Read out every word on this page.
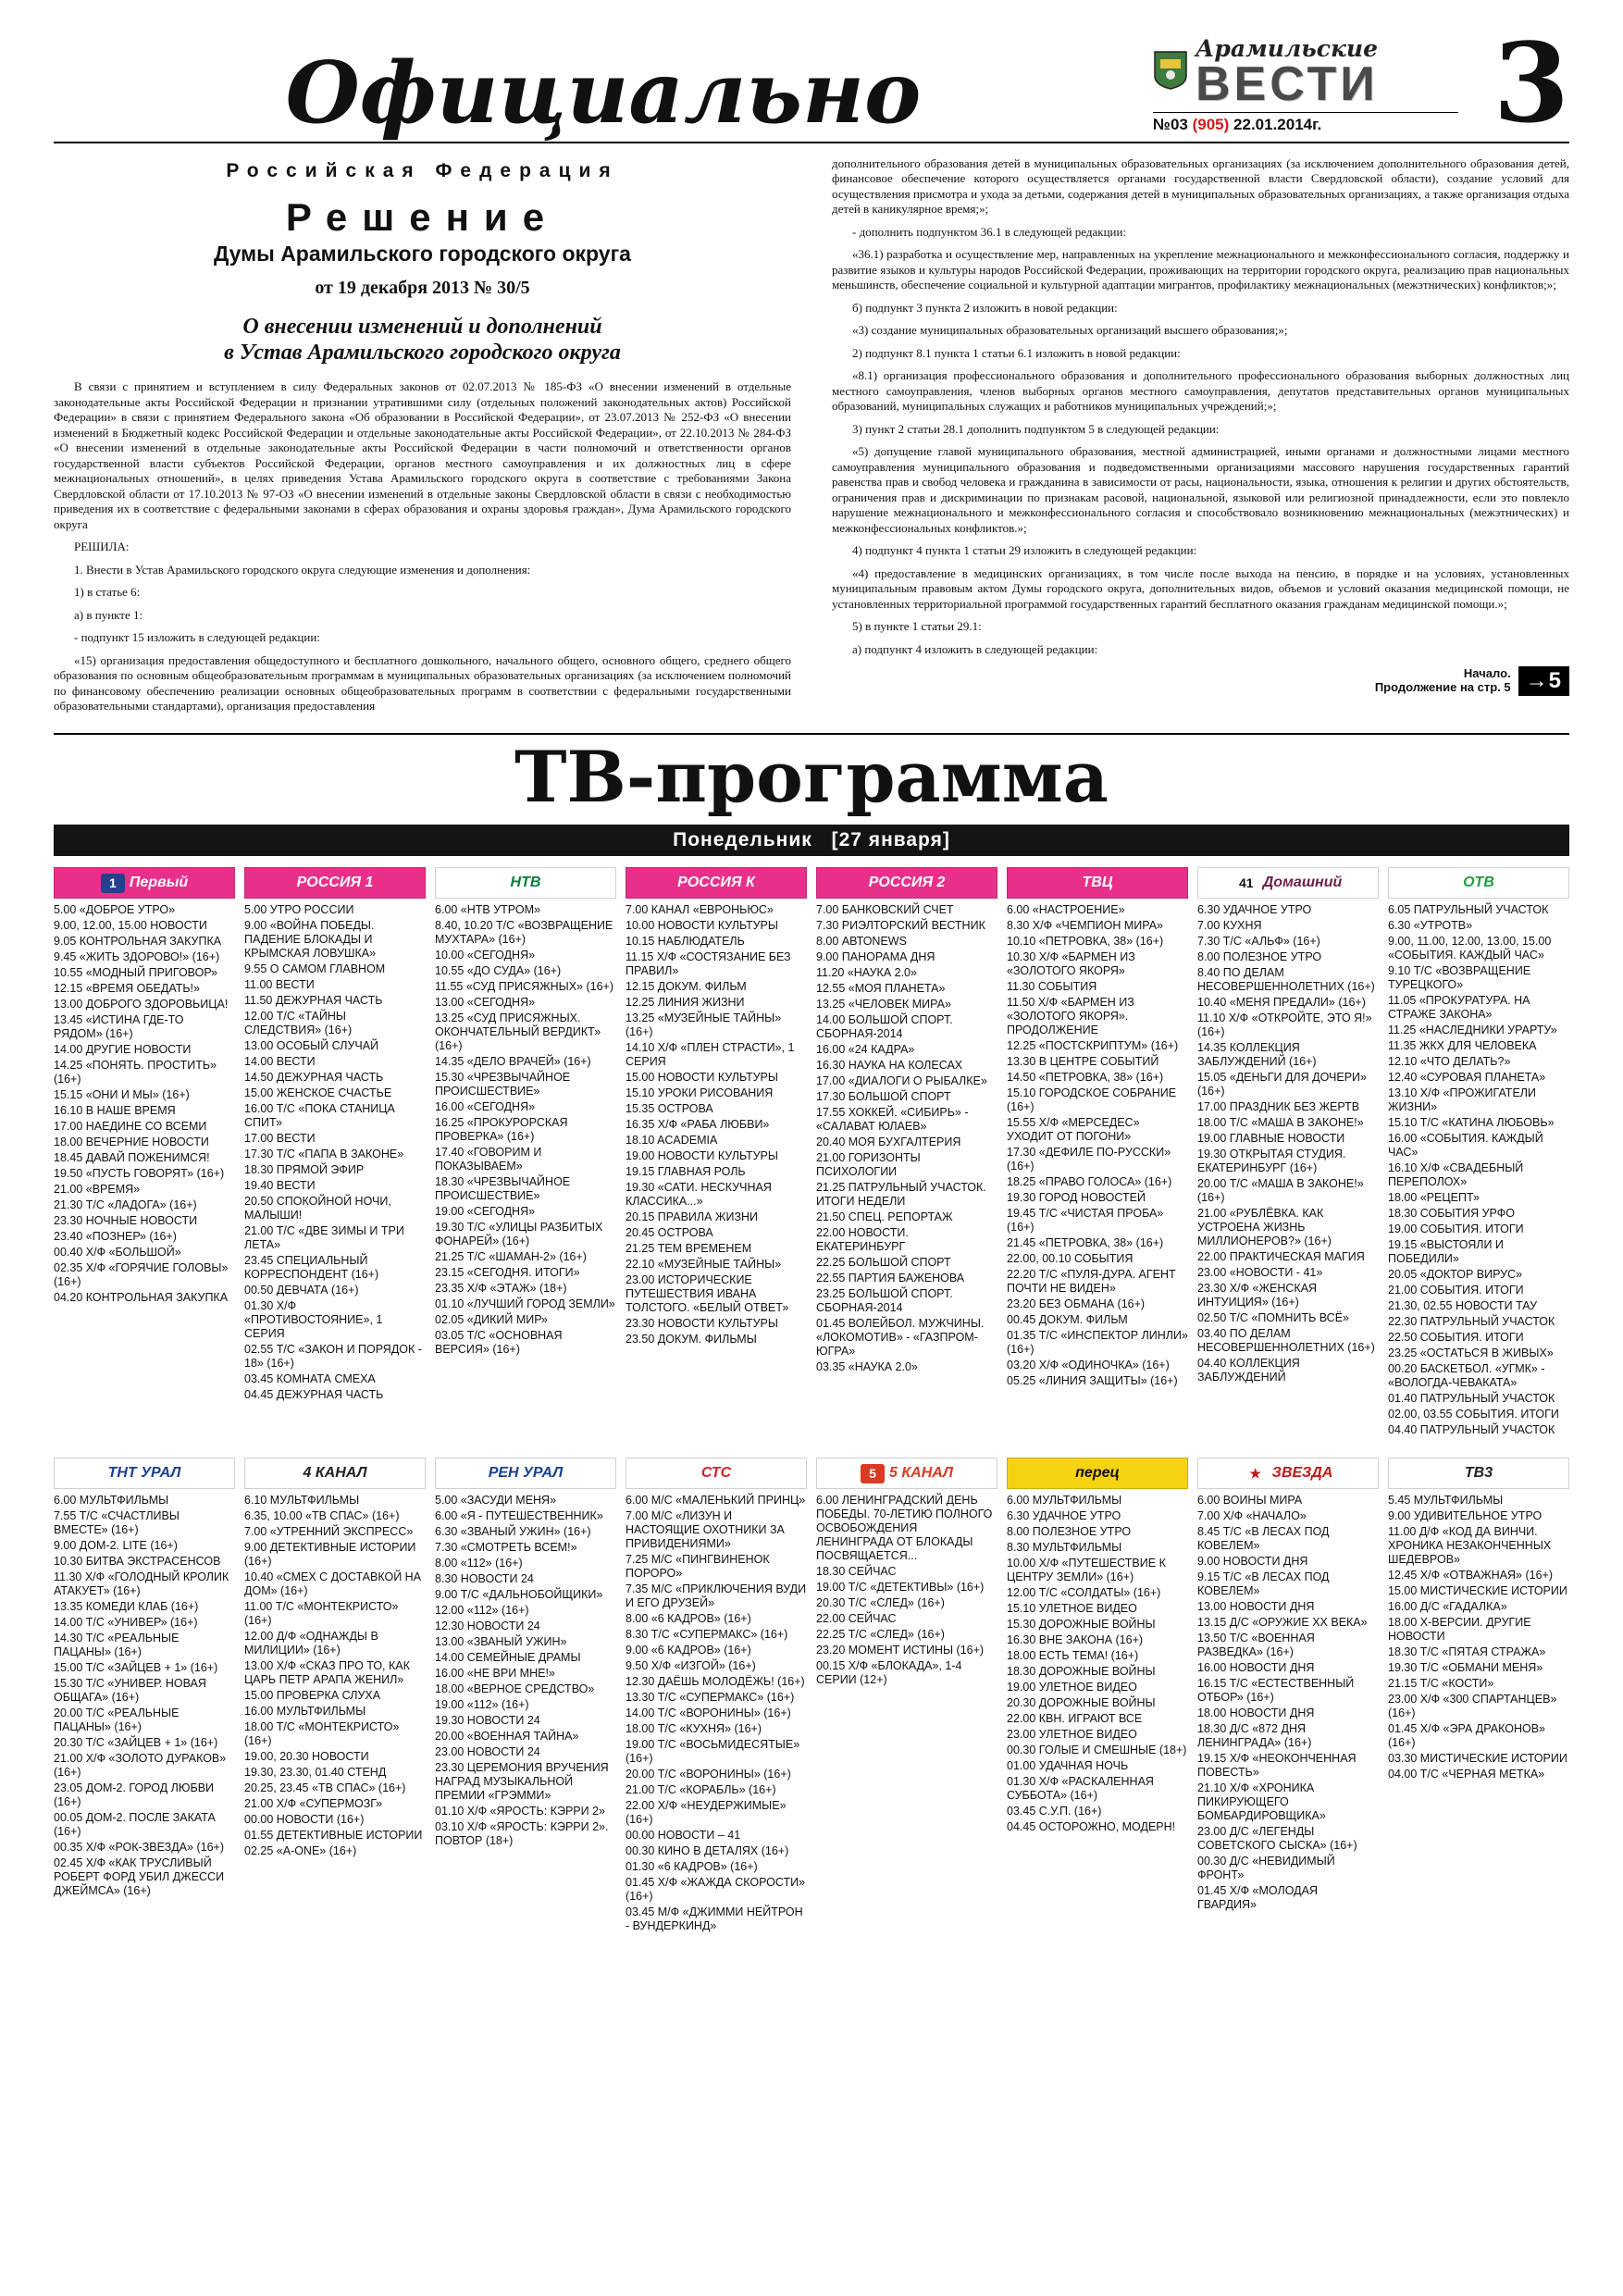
Официально	Арамильские
ВЕСТИ
№03 (905) 22.01.2014г.	3
Российская Федерация
Решение
Думы Арамильского городского округа
от 19 декабря 2013 № 30/5
О внесении изменений и дополнений
в Устав Арамильского городского округа

В связи с принятием и вступлением в силу Федеральных законов от 02.07.2013 № 185-ФЗ «О внесении изменений в отдельные законодательные акты Российской Федерации и признании утратившими силу (отдельных положений законодательных актов) Российской Федерации» в связи с принятием Федерального закона «Об образовании в Российской Федерации», от 23.07.2013 № 252-ФЗ «О внесении изменений в Бюджетный кодекс Российской Федерации и отдельные законодательные акты Российской Федерации», от 22.10.2013 № 284-ФЗ «О внесении изменений в отдельные законодательные акты Российской Федерации в части полномочий и ответственности органов государственной власти субъектов Российской Федерации, органов местного самоуправления и их должностных лиц в сфере межнациональных отношений», в целях приведения Устава Арамильского городского округа в соответствие с требованиями Закона Свердловской области от 17.10.2013 № 97-ОЗ «О внесении изменений в отдельные законы Свердловской области в связи с необходимостью приведения их в соответствие с федеральными законами в сферах образования и охраны здоровья граждан», Дума Арамильского городского округа

РЕШИЛА:

1. Внести в Устав Арамильского городского округа следующие изменения и дополнения:

1) в статье 6:

а) в пункте 1:

- подпункт 15 изложить в следующей редакции:

«15) организация предоставления общедоступного и бесплатного дошкольного, начального общего, основного общего, среднего общего образования по основным общеобразовательным программам в муниципальных образовательных организациях (за исключением полномочий по финансовому обеспечению реализации основных общеобразовательных программ в соответствии с федеральными государственными образовательными стандартами), организация предоставления

дополнительного образования детей в муниципальных образовательных организациях (за исключением дополнительного образования детей, финансовое обеспечение которого осуществляется органами государственной власти Свердловской области), создание условий для осуществления присмотра и ухода за детьми, содержания детей в муниципальных образовательных организациях, а также организация отдыха детей в каникулярное время;»;

- дополнить подпунктом 36.1 в следующей редакции:

«36.1) разработка и осуществление мер, направленных на укрепление межнационального и межконфессионального согласия, поддержку и развитие языков и культуры народов Российской Федерации, проживающих на территории городского округа, реализацию прав национальных меньшинств, обеспечение социальной и культурной адаптации мигрантов, профилактику межнациональных (межэтнических) конфликтов;»;

б) подпункт 3 пункта 2 изложить в новой редакции:

«3) создание муниципальных образовательных организаций высшего образования;»;

2) подпункт 8.1 пункта 1 статьи 6.1 изложить в новой редакции:

«8.1) организация профессионального образования и дополнительного профессионального образования выборных должностных лиц местного самоуправления, членов выборных органов местного самоуправления, депутатов представительных органов муниципальных образований, муниципальных служащих и работников муниципальных учреждений;»;

3) пункт 2 статьи 28.1 дополнить подпунктом 5 в следующей редакции:

«5) допущение главой муниципального образования, местной администрацией, иными органами и должностными лицами местного самоуправления муниципального образования и подведомственными организациями массового нарушения государственных гарантий равенства прав и свобод человека и гражданина в зависимости от расы, национальности, языка, отношения к религии и других обстоятельств, ограничения прав и дискриминации по признакам расовой, национальной, языковой или религиозной принадлежности, если это повлекло нарушение межнационального и межконфессионального согласия и способствовало возникновению межнациональных (межэтнических) и межконфессиональных конфликтов.»;

4) подпункт 4 пункта 1 статьи 29 изложить в следующей редакции:

«4) предоставление в медицинских организациях, в том числе после выхода на пенсию, в порядке и на условиях, установленных муниципальным правовым актом Думы городского округа, дополнительных видов, объемов и условий оказания медицинской помощи, не установленных территориальной программой государственных гарантий бесплатного оказания гражданам медицинской помощи.»;

5) в пункте 1 статьи 29.1:

а) подпункт 4 изложить в следующей редакции:

Начало.
Продолжение на стр. 5 →5
ТВ-программа
Понедельник [27 января]
1 Первый
5.00 «ДОБРОЕ УТРО»
9.00, 12.00, 15.00 НОВОСТИ
9.05 КОНТРОЛЬНАЯ ЗАКУПКА
9.45 «ЖИТЬ ЗДОРОВО!» (16+)
10.55 «МОДНЫЙ ПРИГОВОР»
12.15 «ВРЕМЯ ОБЕДАТЬ!»
13.00 ДОБРОГО ЗДОРОВЬИЦА!
13.45 «ИСТИНА ГДЕ-ТО РЯДОМ» (16+)
14.00 ДРУГИЕ НОВОСТИ
14.25 «ПОНЯТЬ. ПРОСТИТЬ» (16+)
15.15 «ОНИ И МЫ» (16+)
16.10 В НАШЕ ВРЕМЯ
17.00 НАЕДИНЕ СО ВСЕМИ
18.00 ВЕЧЕРНИЕ НОВОСТИ
18.45 ДАВАЙ ПОЖЕНИМСЯ!
19.50 «ПУСТЬ ГОВОРЯТ» (16+)
21.00 «ВРЕМЯ»
21.30 Т/С «ЛАДОГА» (16+)
23.30 НОЧНЫЕ НОВОСТИ
23.40 «ПОЗНЕР» (16+)
00.40 Х/Ф «БОЛЬШОЙ»
02.35 Х/Ф «ГОРЯЧИЕ ГОЛОВЫ» (16+)
04.20 КОНТРОЛЬНАЯ ЗАКУПКА
РОССИЯ 1
5.00 УТРО РОССИИ
9.00 «ВОЙНА ПОБЕДЫ. ПАДЕНИЕ БЛОКАДЫ И КРЫМСКАЯ ЛОВУШКА»
9.55 О САМОМ ГЛАВНОМ
11.00 ВЕСТИ
11.50 ДЕЖУРНАЯ ЧАСТЬ
12.00 Т/С «ТАЙНЫ СЛЕДСТВИЯ» (16+)
13.00 ОСОБЫЙ СЛУЧАЙ
14.00 ВЕСТИ
14.50 ДЕЖУРНАЯ ЧАСТЬ
15.00 ЖЕНСКОЕ СЧАСТЬЕ
16.00 Т/С «ПОКА СТАНИЦА СПИТ»
17.00 ВЕСТИ
17.30 Т/С «ПАПА В ЗАКОНЕ»
18.30 ПРЯМОЙ ЭФИР
19.40 ВЕСТИ
20.50 СПОКОЙНОЙ НОЧИ, МАЛЫШИ!
21.00 Т/С «ДВЕ ЗИМЫ И ТРИ ЛЕТА»
23.45 СПЕЦИАЛЬНЫЙ КОРРЕСПОНДЕНТ (16+)
00.50 ДЕВЧАТА (16+)
01.30 Х/Ф «ПРОТИВОСТОЯНИЕ», 1 СЕРИЯ
02.55 Т/С «ЗАКОН И ПОРЯДОК - 18» (16+)
03.45 КОМНАТА СМЕХА
04.45 ДЕЖУРНАЯ ЧАСТЬ
НТВ
6.00 «НТВ УТРОМ»
8.40, 10.20 Т/С «ВОЗВРАЩЕНИЕ МУХТАРА» (16+)
10.00 «СЕГОДНЯ»
10.55 «ДО СУДА» (16+)
11.55 «СУД ПРИСЯЖНЫХ» (16+)
13.00 «СЕГОДНЯ»
13.25 «СУД ПРИСЯЖНЫХ. ОКОНЧАТЕЛЬНЫЙ ВЕРДИКТ» (16+)
14.35 «ДЕЛО ВРАЧЕЙ» (16+)
15.30 «ЧРЕЗВЫЧАЙНОЕ ПРОИСШЕСТВИЕ»
16.00 «СЕГОДНЯ»
16.25 «ПРОКУРОРСКАЯ ПРОВЕРКА» (16+)
17.40 «ГОВОРИМ И ПОКАЗЫВАЕМ»
18.30 «ЧРЕЗВЫЧАЙНОЕ ПРОИСШЕСТВИЕ»
19.00 «СЕГОДНЯ»
19.30 Т/С «УЛИЦЫ РАЗБИТЫХ ФОНАРЕЙ» (16+)
21.25 Т/С «ШАМАН-2» (16+)
23.15 «СЕГОДНЯ. ИТОГИ»
23.35 Х/Ф «ЭТАЖ» (18+)
01.10 «ЛУЧШИЙ ГОРОД ЗЕМЛИ»
02.05 «ДИКИЙ МИР»
03.05 Т/С «ОСНОВНАЯ ВЕРСИЯ» (16+)
РОССИЯ К
7.00 КАНАЛ «ЕВРОНЬЮС»
10.00 НОВОСТИ КУЛЬТУРЫ
10.15 НАБЛЮДАТЕЛЬ
11.15 Х/Ф «СОСТЯЗАНИЕ БЕЗ ПРАВИЛ»
12.15 ДОКУМ. ФИЛЬМ
12.25 ЛИНИЯ ЖИЗНИ
13.25 «МУЗЕЙНЫЕ ТАЙНЫ» (16+)
14.10 Х/Ф «ПЛЕН СТРАСТИ», 1 СЕРИЯ
15.00 НОВОСТИ КУЛЬТУРЫ
15.10 УРОКИ РИСОВАНИЯ
15.35 ОСТРОВА
16.35 Х/Ф «РАБА ЛЮБВИ»
18.10 ACADEMIA
19.00 НОВОСТИ КУЛЬТУРЫ
19.15 ГЛАВНАЯ РОЛЬ
19.30 «САТИ. НЕСКУЧНАЯ КЛАССИКА...»
20.15 ПРАВИЛА ЖИЗНИ
20.45 ОСТРОВА
21.25 ТЕМ ВРЕМЕНЕМ
22.10 «МУЗЕЙНЫЕ ТАЙНЫ»
23.00 ИСТОРИЧЕСКИЕ ПУТЕШЕСТВИЯ ИВАНА ТОЛСТОГО. «БЕЛЫЙ ОТВЕТ»
23.30 НОВОСТИ КУЛЬТУРЫ
23.50 ДОКУМ. ФИЛЬМЫ
РОССИЯ 2
7.00 БАНКОВСКИЙ СЧЕТ
7.30 РИЭЛТОРСКИЙ ВЕСТНИК
8.00 АВТОNEWS
9.00 ПАНОРАМА ДНЯ
11.20 «НАУКА 2.0»
12.55 «МОЯ ПЛАНЕТА»
13.25 «ЧЕЛОВЕК МИРА»
14.00 БОЛЬШОЙ СПОРТ. СБОРНАЯ-2014
16.00 «24 КАДРА»
16.30 НАУКА НА КОЛЕСАХ
17.00 «ДИАЛОГИ О РЫБАЛКЕ»
17.30 БОЛЬШОЙ СПОРТ
17.55 ХОККЕЙ. «СИБИРЬ» - «САЛАВАТ ЮЛАЕВ»
20.40 МОЯ БУХГАЛТЕРИЯ
21.00 ГОРИЗОНТЫ ПСИХОЛОГИИ
21.25 ПАТРУЛЬНЫЙ УЧАСТОК. ИТОГИ НЕДЕЛИ
21.50 СПЕЦ. РЕПОРТАЖ
22.00 НОВОСТИ. ЕКАТЕРИНБУРГ
22.25 БОЛЬШОЙ СПОРТ
22.55 ПАРТИЯ БАЖЕНОВА
23.25 БОЛЬШОЙ СПОРТ. СБОРНАЯ-2014
01.45 ВОЛЕЙБОЛ. МУЖЧИНЫ. «ЛОКОМОТИВ» - «ГАЗПРОМ-ЮГРА»
03.35 «НАУКА 2.0»
ТВЦ
6.00 «НАСТРОЕНИЕ»
8.30 Х/Ф «ЧЕМПИОН МИРА»
10.10 «ПЕТРОВКА, 38» (16+)
10.30 Х/Ф «БАРМЕН ИЗ «ЗОЛОТОГО ЯКОРЯ»
11.30 СОБЫТИЯ
11.50 Х/Ф «БАРМЕН ИЗ «ЗОЛОТОГО ЯКОРЯ». ПРОДОЛЖЕНИЕ
12.25 «ПОСТСКРИПТУМ» (16+)
13.30 В ЦЕНТРЕ СОБЫТИЙ
14.50 «ПЕТРОВКА, 38» (16+)
15.10 ГОРОДСКОЕ СОБРАНИЕ (16+)
15.55 Х/Ф «МЕРСЕДЕС» УХОДИТ ОТ ПОГОНИ»
17.30 «ДЕФИЛЕ ПО-РУССКИ» (16+)
18.25 «ПРАВО ГОЛОСА» (16+)
19.30 ГОРОД НОВОСТЕЙ
19.45 Т/С «ЧИСТАЯ ПРОБА» (16+)
21.45 «ПЕТРОВКА, 38» (16+)
22.00, 00.10 СОБЫТИЯ
22.20 Т/С «ПУЛЯ-ДУРА. АГЕНТ ПОЧТИ НЕ ВИДЕН»
23.20 БЕЗ ОБМАНА (16+)
00.45 ДОКУМ. ФИЛЬМ
01.35 Т/С «ИНСПЕКТОР ЛИНЛИ» (16+)
03.20 Х/Ф «ОДИНОЧКА» (16+)
05.25 «ЛИНИЯ ЗАЩИТЫ» (16+)
41 Домашний
6.30 УДАЧНОЕ УТРО
7.00 КУХНЯ
7.30 Т/С «АЛЬФ» (16+)
8.00 ПОЛЕЗНОЕ УТРО
8.40 ПО ДЕЛАМ НЕСОВЕРШЕННОЛЕТНИХ (16+)
10.40 «МЕНЯ ПРЕДАЛИ» (16+)
11.10 Х/Ф «ОТКРОЙТЕ, ЭТО Я!» (16+)
14.35 КОЛЛЕКЦИЯ ЗАБЛУЖДЕНИЙ (16+)
15.05 «ДЕНЬГИ ДЛЯ ДОЧЕРИ» (16+)
17.00 ПРАЗДНИК БЕЗ ЖЕРТВ
18.00 Т/С «МАША В ЗАКОНЕ!»
19.00 ГЛАВНЫЕ НОВОСТИ
19.30 ОТКРЫТАЯ СТУДИЯ. ЕКАТЕРИНБУРГ (16+)
20.00 Т/С «МАША В ЗАКОНЕ!» (16+)
21.00 «РУБЛЁВКА. КАК УСТРОЕНА ЖИЗНЬ МИЛЛИОНЕРОВ?» (16+)
22.00 ПРАКТИЧЕСКАЯ МАГИЯ
23.00 «НОВОСТИ - 41»
23.30 Х/Ф «ЖЕНСКАЯ ИНТУИЦИЯ» (16+)
02.50 Т/С «ПОМНИТЬ ВСЁ»
03.40 ПО ДЕЛАМ НЕСОВЕРШЕННОЛЕТНИХ (16+)
04.40 КОЛЛЕКЦИЯ ЗАБЛУЖДЕНИЙ
ОТВ
6.05 ПАТРУЛЬНЫЙ УЧАСТОК
6.30 «УТРОТВ»
9.00, 11.00, 12.00, 13.00, 15.00 «СОБЫТИЯ. КАЖДЫЙ ЧАС»
9.10 Т/С «ВОЗВРАЩЕНИЕ ТУРЕЦКОГО»
11.05 «ПРОКУРАТУРА. НА СТРАЖЕ ЗАКОНА»
11.25 «НАСЛЕДНИКИ УРАРТУ»
11.35 ЖКХ ДЛЯ ЧЕЛОВЕКА
12.10 «ЧТО ДЕЛАТЬ?»
12.40 «СУРОВАЯ ПЛАНЕТА»
13.10 Х/Ф «ПРОЖИГАТЕЛИ ЖИЗНИ»
15.10 Т/С «КАТИНА ЛЮБОВЬ»
16.00 «СОБЫТИЯ. КАЖДЫЙ ЧАС»
16.10 Х/Ф «СВАДЕБНЫЙ ПЕРЕПОЛОХ»
18.00 «РЕЦЕПТ»
18.30 СОБЫТИЯ УРФО
19.00 СОБЫТИЯ. ИТОГИ
19.15 «ВЫСТОЯЛИ И ПОБЕДИЛИ»
20.05 «ДОКТОР ВИРУС»
21.00 СОБЫТИЯ. ИТОГИ
21.30, 02.55 НОВОСТИ ТАУ
22.30 ПАТРУЛЬНЫЙ УЧАСТОК
22.50 СОБЫТИЯ. ИТОГИ
23.25 «ОСТАТЬСЯ В ЖИВЫХ»
00.20 БАСКЕТБОЛ. «УГМК» - «ВОЛОГДА-ЧЕВАКАТА»
01.40 ПАТРУЛЬНЫЙ УЧАСТОК
02.00, 03.55 СОБЫТИЯ. ИТОГИ
04.40 ПАТРУЛЬНЫЙ УЧАСТОК
ТНТ УРАЛ
6.00 МУЛЬТФИЛЬМЫ
7.55 Т/С «СЧАСТЛИВЫ ВМЕСТЕ» (16+)
9.00 ДОМ-2. LITE (16+)
10.30 БИТВА ЭКСТРАСЕНСОВ
11.30 Х/Ф «ГОЛОДНЫЙ КРОЛИК АТАКУЕТ» (16+)
13.35 КОМЕДИ КЛАБ (16+)
14.00 Т/С «УНИВЕР» (16+)
14.30 Т/С «РЕАЛЬНЫЕ ПАЦАНЫ» (16+)
15.00 Т/С «ЗАЙЦЕВ + 1» (16+)
15.30 Т/С «УНИВЕР. НОВАЯ ОБЩАГА» (16+)
20.00 Т/С «РЕАЛЬНЫЕ ПАЦАНЫ» (16+)
20.30 Т/С «ЗАЙЦЕВ + 1» (16+)
21.00 Х/Ф «ЗОЛОТО ДУРАКОВ» (16+)
23.05 ДОМ-2. ГОРОД ЛЮБВИ (16+)
00.05 ДОМ-2. ПОСЛЕ ЗАКАТА (16+)
00.35 Х/Ф «РОК-ЗВЕЗДА» (16+)
02.45 Х/Ф «КАК ТРУСЛИВЫЙ РОБЕРТ ФОРД УБИЛ ДЖЕССИ ДЖЕЙМСА» (16+)
4 КАНАЛ
6.10 МУЛЬТФИЛЬМЫ
6.35, 10.00 «ТВ СПАС» (16+)
7.00 «УТРЕННИЙ ЭКСПРЕСС»
9.00 ДЕТЕКТИВНЫЕ ИСТОРИИ (16+)
10.40 «СМЕХ С ДОСТАВКОЙ НА ДОМ» (16+)
11.00 Т/С «МОНТЕКРИСТО» (16+)
12.00 Д/Ф «ОДНАЖДЫ В МИЛИЦИИ» (16+)
13.00 Х/Ф «СКАЗ ПРО ТО, КАК ЦАРЬ ПЕТР АРАПА ЖЕНИЛ»
15.00 ПРОВЕРКА СЛУХА
16.00 МУЛЬТФИЛЬМЫ
18.00 Т/С «МОНТЕКРИСТО» (16+)
19.00, 20.30 НОВОСТИ
19.30, 23.30, 01.40 СТЕНД
20.25, 23.45 «ТВ СПАС» (16+)
21.00 Х/Ф «СУПЕРМОЗГ»
00.00 НОВОСТИ (16+)
01.55 ДЕТЕКТИВНЫЕ ИСТОРИИ
02.25 «A-ONE» (16+)
РЕН УРАЛ
5.00 «ЗАСУДИ МЕНЯ»
6.00 «Я - ПУТЕШЕСТВЕННИК»
6.30 «ЗВАНЫЙ УЖИН» (16+)
7.30 «СМОТРЕТЬ ВСЕМ!»
8.00 «112» (16+)
8.30 НОВОСТИ 24
9.00 Т/С «ДАЛЬНОБОЙЩИКИ»
12.00 «112» (16+)
12.30 НОВОСТИ 24
13.00 «ЗВАНЫЙ УЖИН»
14.00 СЕМЕЙНЫЕ ДРАМЫ
16.00 «НЕ ВРИ МНЕ!»
18.00 «ВЕРНОЕ СРЕДСТВО»
19.00 «112» (16+)
19.30 НОВОСТИ 24
20.00 «ВОЕННАЯ ТАЙНА»
23.00 НОВОСТИ 24
23.30 ЦЕРЕМОНИЯ ВРУЧЕНИЯ НАГРАД МУЗЫКАЛЬНОЙ ПРЕМИИ «ГРЭММИ»
01.10 Х/Ф «ЯРОСТЬ: КЭРРИ 2»
03.10 Х/Ф «ЯРОСТЬ: КЭРРИ 2». ПОВТОР (18+)
СТС
6.00 М/С «МАЛЕНЬКИЙ ПРИНЦ»
7.00 М/С «ЛИЗУН И НАСТОЯЩИЕ ОХОТНИКИ ЗА ПРИВИДЕНИЯМИ»
7.25 М/С «ПИНГВИНЕНОК ПОРОРО»
7.35 М/С «ПРИКЛЮЧЕНИЯ ВУДИ И ЕГО ДРУЗЕЙ»
8.00 «6 КАДРОВ» (16+)
8.30 Т/С «СУПЕРМАКС» (16+)
9.00 «6 КАДРОВ» (16+)
9.50 Х/Ф «ИЗГОЙ» (16+)
12.30 ДАЁШЬ МОЛОДЁЖЬ! (16+)
13.30 Т/С «СУПЕРМАКС» (16+)
14.00 Т/С «ВОРОНИНЫ» (16+)
18.00 Т/С «КУХНЯ» (16+)
19.00 Т/С «ВОСЬМИДЕСЯТЫЕ» (16+)
20.00 Т/С «ВОРОНИНЫ» (16+)
21.00 Т/С «КОРАБЛЬ» (16+)
22.00 Х/Ф «НЕУДЕРЖИМЫЕ» (16+)
00.00 НОВОСТИ – 41
00.30 КИНО В ДЕТАЛЯХ (16+)
01.30 «6 КАДРОВ» (16+)
01.45 Х/Ф «ЖАЖДА СКОРОСТИ» (16+)
03.45 М/Ф «ДЖИММИ НЕЙТРОН - ВУНДЕРКИНД»
5 5 КАНАЛ
6.00 ЛЕНИНГРАДСКИЙ ДЕНЬ ПОБЕДЫ. 70-ЛЕТИЮ ПОЛНОГО ОСВОБОЖДЕНИЯ ЛЕНИНГРАДА ОТ БЛОКАДЫ ПОСВЯЩАЕТСЯ...
18.30 СЕЙЧАС
19.00 Т/С «ДЕТЕКТИВЫ» (16+)
20.30 Т/С «СЛЕД» (16+)
22.00 СЕЙЧАС
22.25 Т/С «СЛЕД» (16+)
23.20 МОМЕНТ ИСТИНЫ (16+)
00.15 Х/Ф «БЛОКАДА», 1-4 СЕРИИ (12+)
перец
6.00 МУЛЬТФИЛЬМЫ
6.30 УДАЧНОЕ УТРО
8.00 ПОЛЕЗНОЕ УТРО
8.30 МУЛЬТФИЛЬМЫ
10.00 Х/Ф «ПУТЕШЕСТВИЕ К ЦЕНТРУ ЗЕМЛИ» (16+)
12.00 Т/С «СОЛДАТЫ» (16+)
15.10 УЛЕТНОЕ ВИДЕО
15.30 ДОРОЖНЫЕ ВОЙНЫ
16.30 ВНЕ ЗАКОНА (16+)
18.00 ЕСТЬ ТЕМА! (16+)
18.30 ДОРОЖНЫЕ ВОЙНЫ
19.00 УЛЕТНОЕ ВИДЕО
20.30 ДОРОЖНЫЕ ВОЙНЫ
22.00 КВН. ИГРАЮТ ВСЕ
23.00 УЛЕТНОЕ ВИДЕО
00.30 ГОЛЫЕ И СМЕШНЫЕ (18+)
01.00 УДАЧНАЯ НОЧЬ
01.30 Х/Ф «РАСКАЛЕННАЯ СУББОТА» (16+)
03.45 С.У.П. (16+)
04.45 ОСТОРОЖНО, МОДЕРН!
★ ЗВЕЗДА
6.00 ВОИНЫ МИРА
7.00 Х/Ф «НАЧАЛО»
8.45 Т/С «В ЛЕСАХ ПОД КОВЕЛЕМ»
9.00 НОВОСТИ ДНЯ
9.15 Т/С «В ЛЕСАХ ПОД КОВЕЛЕМ»
13.00 НОВОСТИ ДНЯ
13.15 Д/С «ОРУЖИЕ ХХ ВЕКА»
13.50 Т/С «ВОЕННАЯ РАЗВЕДКА» (16+)
16.00 НОВОСТИ ДНЯ
16.15 Т/С «ЕСТЕСТВЕННЫЙ ОТБОР» (16+)
18.00 НОВОСТИ ДНЯ
18.30 Д/С «872 ДНЯ ЛЕНИНГРАДА» (16+)
19.15 Х/Ф «НЕОКОНЧЕННАЯ ПОВЕСТЬ»
21.10 Х/Ф «ХРОНИКА ПИКИРУЮЩЕГО БОМБАРДИРОВЩИКА»
23.00 Д/С «ЛЕГЕНДЫ СОВЕТСКОГО СЫСКА» (16+)
00.30 Д/С «НЕВИДИМЫЙ ФРОНТ»
01.45 Х/Ф «МОЛОДАЯ ГВАРДИЯ»
ТВ3
5.45 МУЛЬТФИЛЬМЫ
9.00 УДИВИТЕЛЬНОЕ УТРО
11.00 Д/Ф «КОД ДА ВИНЧИ. ХРОНИКА НЕЗАКОНЧЕННЫХ ШЕДЕВРОВ»
12.45 Х/Ф «ОТВАЖНАЯ» (16+)
15.00 МИСТИЧЕСКИЕ ИСТОРИИ
16.00 Д/С «ГАДАЛКА»
18.00 Х-ВЕРСИИ. ДРУГИЕ НОВОСТИ
18.30 Т/С «ПЯТАЯ СТРАЖА»
19.30 Т/С «ОБМАНИ МЕНЯ»
21.15 Т/С «КОСТИ»
23.00 Х/Ф «300 СПАРТАНЦЕВ» (16+)
01.45 Х/Ф «ЭРА ДРАКОНОВ» (16+)
03.30 МИСТИЧЕСКИЕ ИСТОРИИ
04.00 Т/С «ЧЕРНАЯ МЕТКА»
